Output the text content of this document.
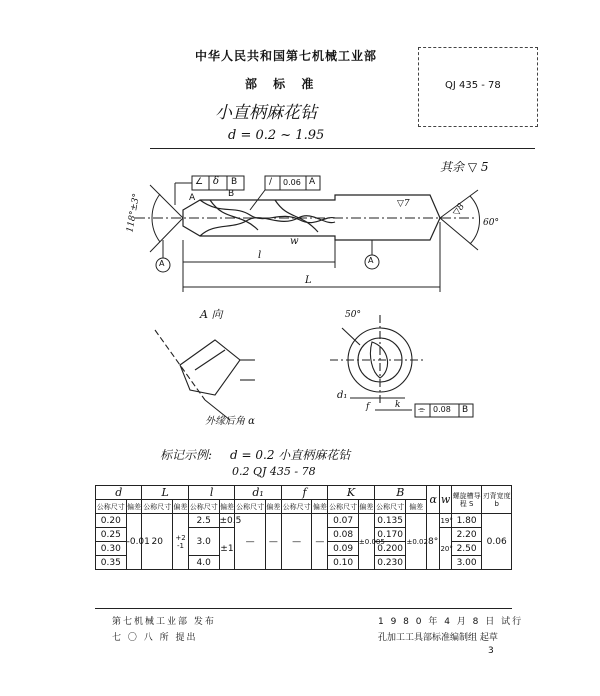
中华人民共和国第七机械工业部
部 标 准
小直柄麻花钻
d = 0.2 ~ 1.95
QJ 435 - 78
其余 ▽ 5
∠ δ B	/ 0.06 A
118°±3°	A	B
w
l
L
▽7	▽8
60°
A	A
A 向
外缘后角 α
50°
d₁
f	k ⌯ 0.08 B
标记示例: d = 0.2 小直柄麻花钻
0.2 QJ 435 - 78
d		L		l		d₁		f		K		B		α	w	螺旋槽导程 S	刃背宽度 b
公称尺寸	偏差	公称尺寸	偏差	公称尺寸	偏差	公称尺寸	偏差	公称尺寸	偏差	公称尺寸	偏差	公称尺寸	偏差				
0.20	-0.01	20	+2 -1	2.5	±0.5	—	—	—	—	0.07	±0.005	0.135	±0.02	8°	19°	1.80	0.06
0.25				3.0	±1					0.08		0.170			20°	2.20	
0.30										0.09		0.200				2.50	
0.35				4.0						0.10		0.230				3.00	
第七机械工业部 发布	1 9 8 0 年 4 月 8 日 试行
七 〇 八 所 提出	孔加工工具部标准编制组 起草
3
